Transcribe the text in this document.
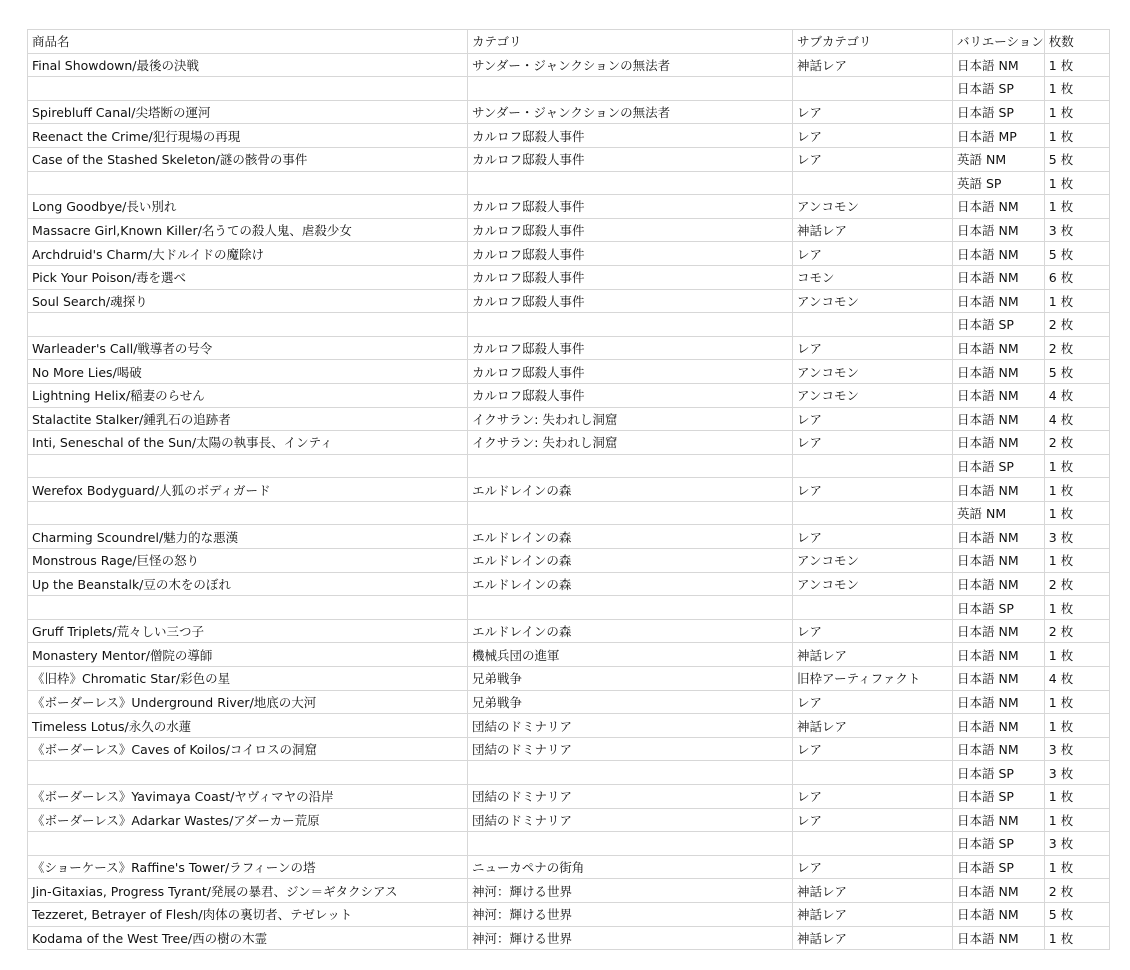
商品名	カテゴリ	サブカテゴリ	バリエーション	枚数
Final Showdown/最後の決戦	サンダー・ジャンクションの無法者	神話レア	日本語 NM	1 枚
			日本語 SP	1 枚
Spirebluff Canal/尖塔断の運河	サンダー・ジャンクションの無法者	レア	日本語 SP	1 枚
Reenact the Crime/犯行現場の再現	カルロフ邸殺人事件	レア	日本語 MP	1 枚
Case of the Stashed Skeleton/謎の骸骨の事件	カルロフ邸殺人事件	レア	英語 NM	5 枚
			英語 SP	1 枚
Long Goodbye/長い別れ	カルロフ邸殺人事件	アンコモン	日本語 NM	1 枚
Massacre Girl,Known Killer/名うての殺人鬼、虐殺少女	カルロフ邸殺人事件	神話レア	日本語 NM	3 枚
Archdruid's Charm/大ドルイドの魔除け	カルロフ邸殺人事件	レア	日本語 NM	5 枚
Pick Your Poison/毒を選べ	カルロフ邸殺人事件	コモン	日本語 NM	6 枚
Soul Search/魂探り	カルロフ邸殺人事件	アンコモン	日本語 NM	1 枚
			日本語 SP	2 枚
Warleader's Call/戦導者の号令	カルロフ邸殺人事件	レア	日本語 NM	2 枚
No More Lies/喝破	カルロフ邸殺人事件	アンコモン	日本語 NM	5 枚
Lightning Helix/稲妻のらせん	カルロフ邸殺人事件	アンコモン	日本語 NM	4 枚
Stalactite Stalker/鍾乳石の追跡者	イクサラン: 失われし洞窟	レア	日本語 NM	4 枚
Inti, Seneschal of the Sun/太陽の執事長、インティ	イクサラン: 失われし洞窟	レア	日本語 NM	2 枚
			日本語 SP	1 枚
Werefox Bodyguard/人狐のボディガード	エルドレインの森	レア	日本語 NM	1 枚
			英語 NM	1 枚
Charming Scoundrel/魅力的な悪漢	エルドレインの森	レア	日本語 NM	3 枚
Monstrous Rage/巨怪の怒り	エルドレインの森	アンコモン	日本語 NM	1 枚
Up the Beanstalk/豆の木をのぼれ	エルドレインの森	アンコモン	日本語 NM	2 枚
			日本語 SP	1 枚
Gruff Triplets/荒々しい三つ子	エルドレインの森	レア	日本語 NM	2 枚
Monastery Mentor/僧院の導師	機械兵団の進軍	神話レア	日本語 NM	1 枚
《旧枠》Chromatic Star/彩色の星	兄弟戦争	旧枠アーティファクト	日本語 NM	4 枚
《ボーダーレス》Underground River/地底の大河	兄弟戦争	レア	日本語 NM	1 枚
Timeless Lotus/永久の水蓮	団結のドミナリア	神話レア	日本語 NM	1 枚
《ボーダーレス》Caves of Koilos/コイロスの洞窟	団結のドミナリア	レア	日本語 NM	3 枚
			日本語 SP	3 枚
《ボーダーレス》Yavimaya Coast/ヤヴィマヤの沿岸	団結のドミナリア	レア	日本語 SP	1 枚
《ボーダーレス》Adarkar Wastes/アダーカー荒原	団結のドミナリア	レア	日本語 NM	1 枚
			日本語 SP	3 枚
《ショーケース》Raffine's Tower/ラフィーンの塔	ニューカペナの街角	レア	日本語 SP	1 枚
Jin-Gitaxias, Progress Tyrant/発展の暴君、ジン＝ギタクシアス	神河：輝ける世界	神話レア	日本語 NM	2 枚
Tezzeret, Betrayer of Flesh/肉体の裏切者、テゼレット	神河：輝ける世界	神話レア	日本語 NM	5 枚
Kodama of the West Tree/西の樹の木霊	神河：輝ける世界	神話レア	日本語 NM	1 枚
